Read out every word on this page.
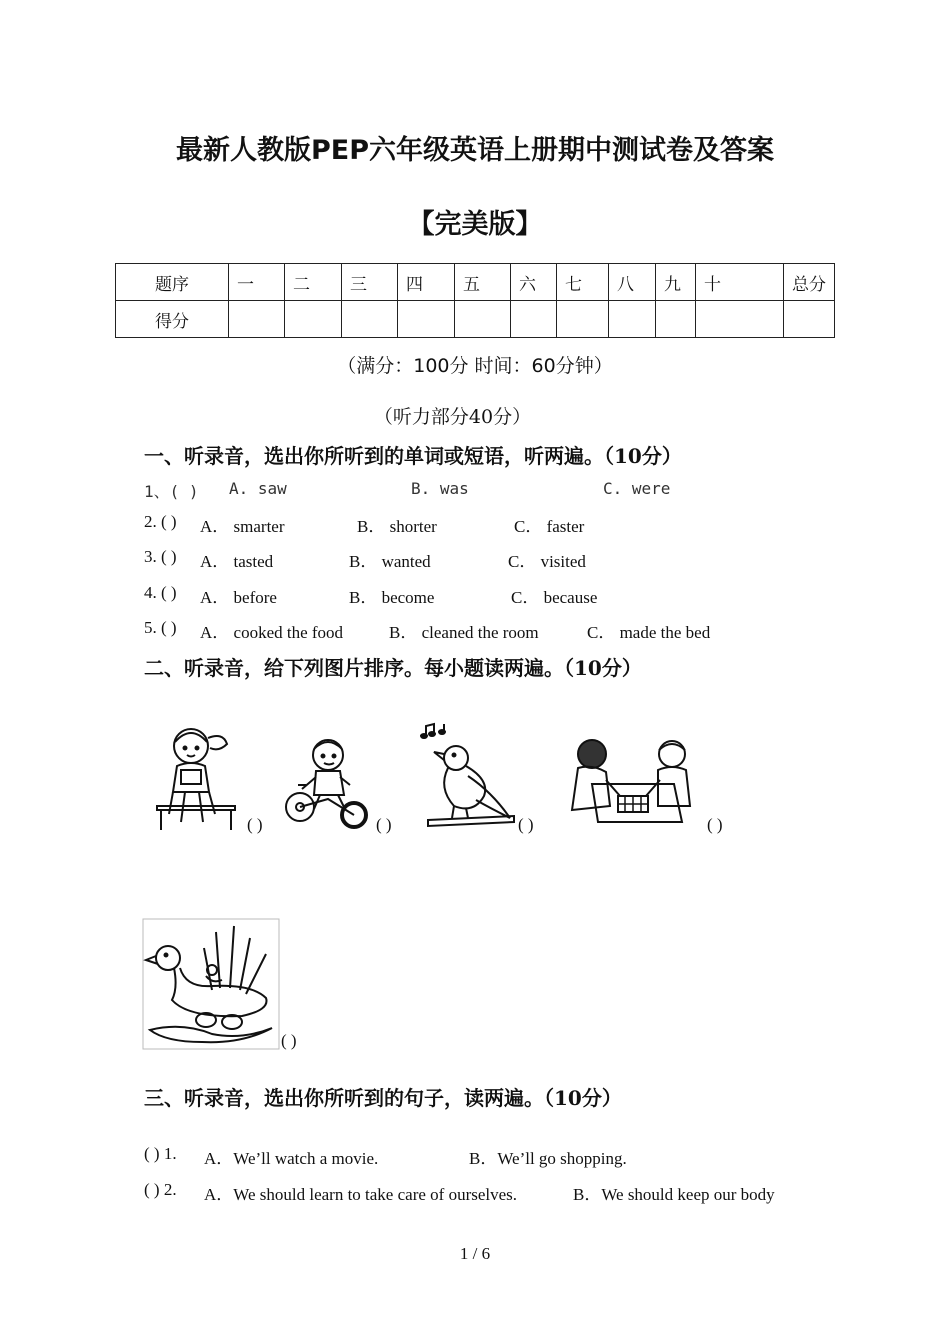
最新人教版PEP六年级英语上册期中测试卷及答案
【完美版】
题序	一	二	三	四	五	六	七	八	九	十	总分
得分											
（满分：100分 时间：60分钟）
（听力部分40分）
一、听录音，选出你所听到的单词或短语，听两遍。（10分）
1、( ) A. saw	B. was	C. were
2. ( ) A． smarter	B． shorter	C． faster
3. ( ) A． tasted	B． wanted	C． visited
4. ( ) A． before	B． become	C． because
5. ( ) A． cooked the food	B． cleaned the room	C． made the bed
二、听录音，给下列图片排序。每小题读两遍。（10分）
( )	( )	( )	( )
( )
三、听录音，选出你所听到的句子，读两遍。（10分）
( ) 1. A．We’ll watch a movie.	B．We’ll go shopping.
( ) 2. A．We should learn to take care of ourselves.	B．We should keep our body
1 / 6
